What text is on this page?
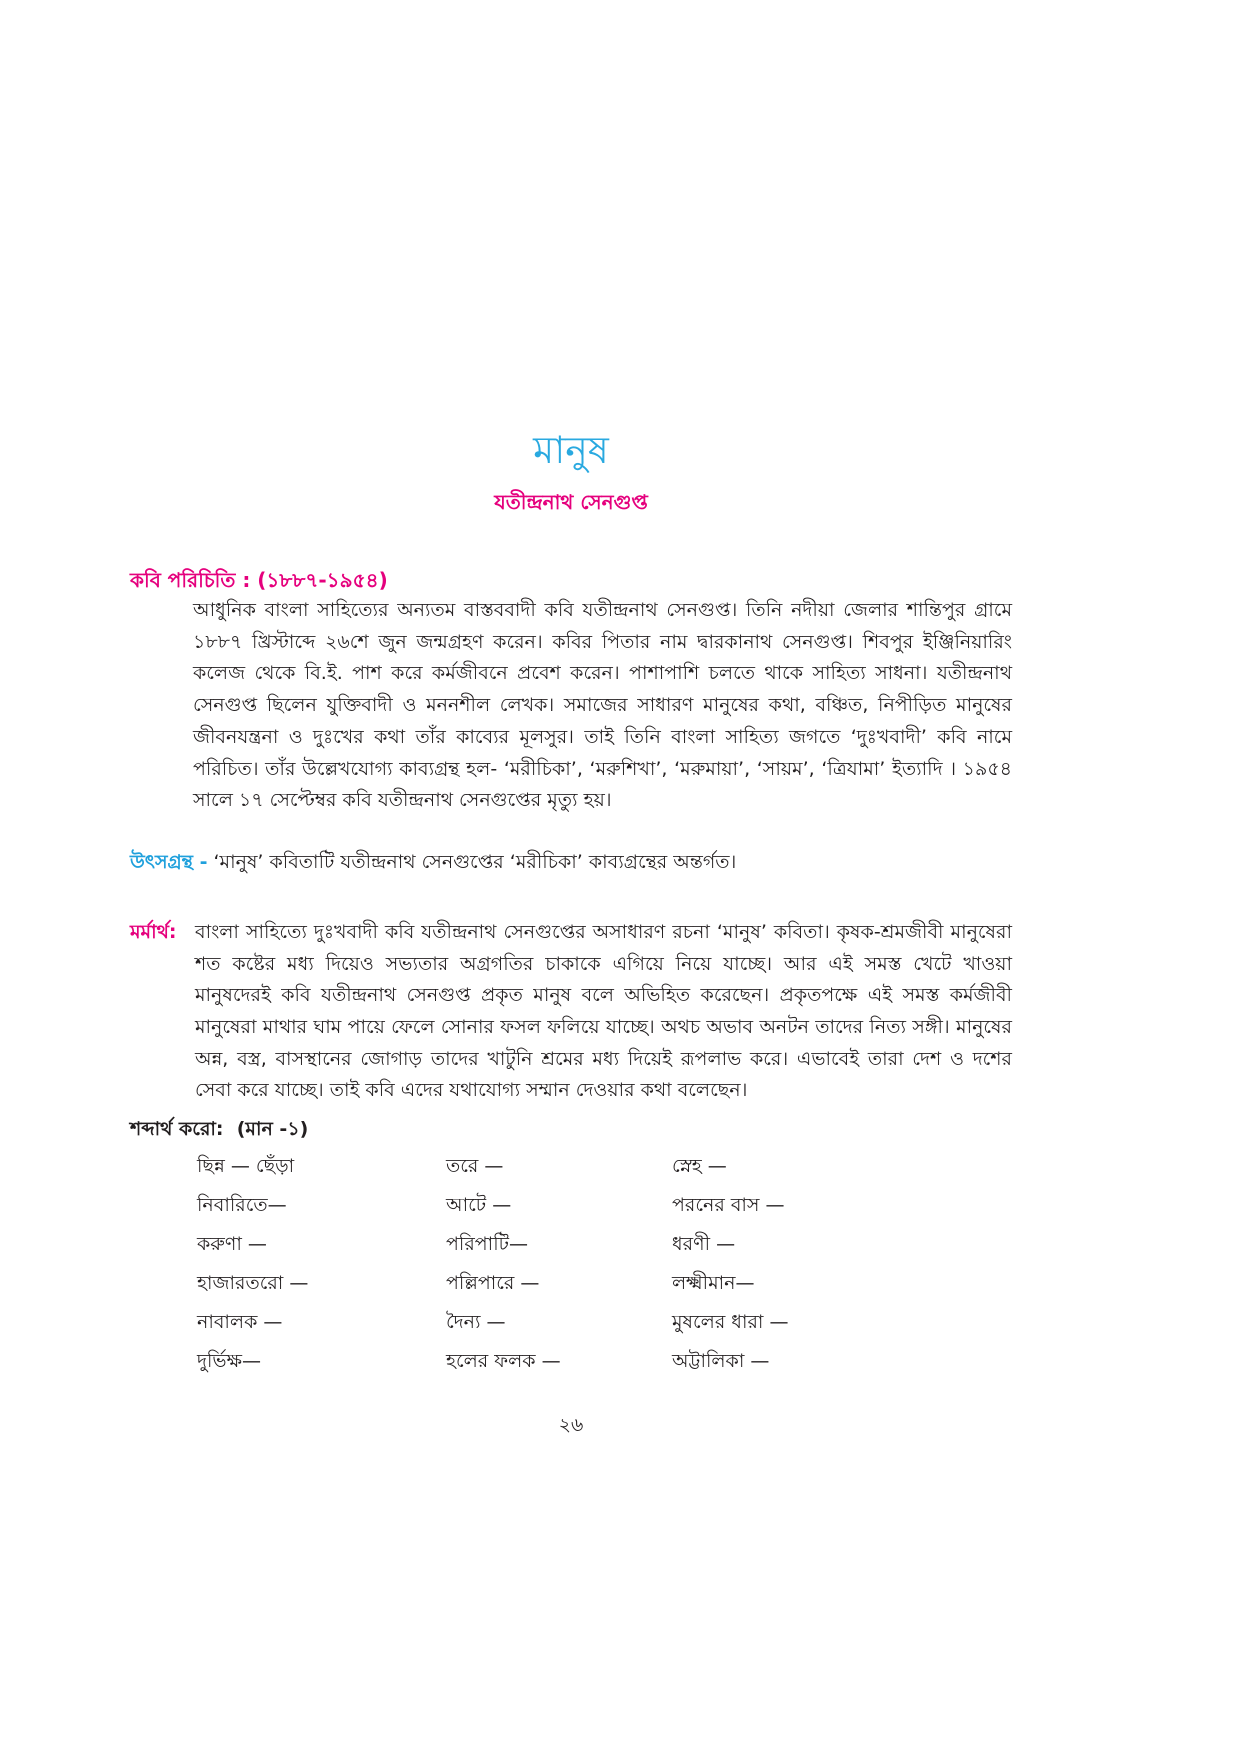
মানুষ
যতীন্দ্রনাথ সেনগুপ্ত
কবি পরিচিতি : (১৮৮৭-১৯৫৪)

আধুনিক বাংলা সাহিত্যের অন্যতম বাস্তববাদী কবি যতীন্দ্রনাথ সেনগুপ্ত। তিনি নদীয়া জেলার শান্তিপুর গ্রামে ১৮৮৭ খ্রিস্টাব্দে ২৬শে জুন জন্মগ্রহণ করেন। কবির পিতার নাম দ্বারকানাথ সেনগুপ্ত। শিবপুর ইঞ্জিনিয়ারিং কলেজ থেকে বি.ই. পাশ করে কর্মজীবনে প্রবেশ করেন। পাশাপাশি চলতে থাকে সাহিত্য সাধনা। যতীন্দ্রনাথ সেনগুপ্ত ছিলেন যুক্তিবাদী ও মননশীল লেখক। সমাজের সাধারণ মানুষের কথা, বঞ্চিত, নিপীড়িত মানুষের জীবনযন্ত্রনা ও দুঃখের কথা তাঁর কাব্যের মূলসুর। তাই তিনি বাংলা সাহিত্য জগতে ‘দুঃখবাদী’ কবি নামে পরিচিত। তাঁর উল্লেখযোগ্য কাব্যগ্রন্থ হল- ‘মরীচিকা’, ‘মরুশিখা’, ‘মরুমায়া’, ‘সায়ম’, ‘ত্রিযামা’ ইত্যাদি । ১৯৫৪ সালে ১৭ সেপ্টেম্বর কবি যতীন্দ্রনাথ সেনগুপ্তের মৃত্যু হয়।

উৎসগ্রন্থ - ‘মানুষ’ কবিতাটি যতীন্দ্রনাথ সেনগুপ্তের ‘মরীচিকা’ কাব্যগ্রন্থের অন্তর্গত।
মর্মার্থ: বাংলা সাহিত্যে দুঃখবাদী কবি যতীন্দ্রনাথ সেনগুপ্তের অসাধারণ রচনা ‘মানুষ’ কবিতা। কৃষক-শ্রমজীবী মানুষেরা শত কষ্টের মধ্য দিয়েও সভ্যতার অগ্রগতির চাকাকে এগিয়ে নিয়ে যাচ্ছে। আর এই সমস্ত খেটে খাওয়া মানুষদেরই কবি যতীন্দ্রনাথ সেনগুপ্ত প্রকৃত মানুষ বলে অভিহিত করেছেন। প্রকৃতপক্ষে এই সমস্ত কর্মজীবী মানুষেরা মাথার ঘাম পায়ে ফেলে সোনার ফসল ফলিয়ে যাচ্ছে। অথচ অভাব অনটন তাদের নিত্য সঙ্গী। মানুষের অন্ন, বস্ত্র, বাসস্থানের জোগাড় তাদের খাটুনি শ্রমের মধ্য দিয়েই রূপলাভ করে। এভাবেই তারা দেশ ও দশের সেবা করে যাচ্ছে। তাই কবি এদের যথাযোগ্য সম্মান দেওয়ার কথা বলেছেন।
শব্দার্থ করো:  (মান -১)
ছিন্ন — ছেঁড়া	তরে —	স্নেহ —
নিবারিতে—	আটে —	পরনের বাস —
করুণা —	পরিপাটি—	ধরণী —
হাজারতরো —	পল্লিপারে —	লক্ষ্মীমান—
নাবালক —	দৈন্য —	মুষলের ধারা —
দুর্ভিক্ষ—	হলের ফলক —	অট্টালিকা —
২৬
